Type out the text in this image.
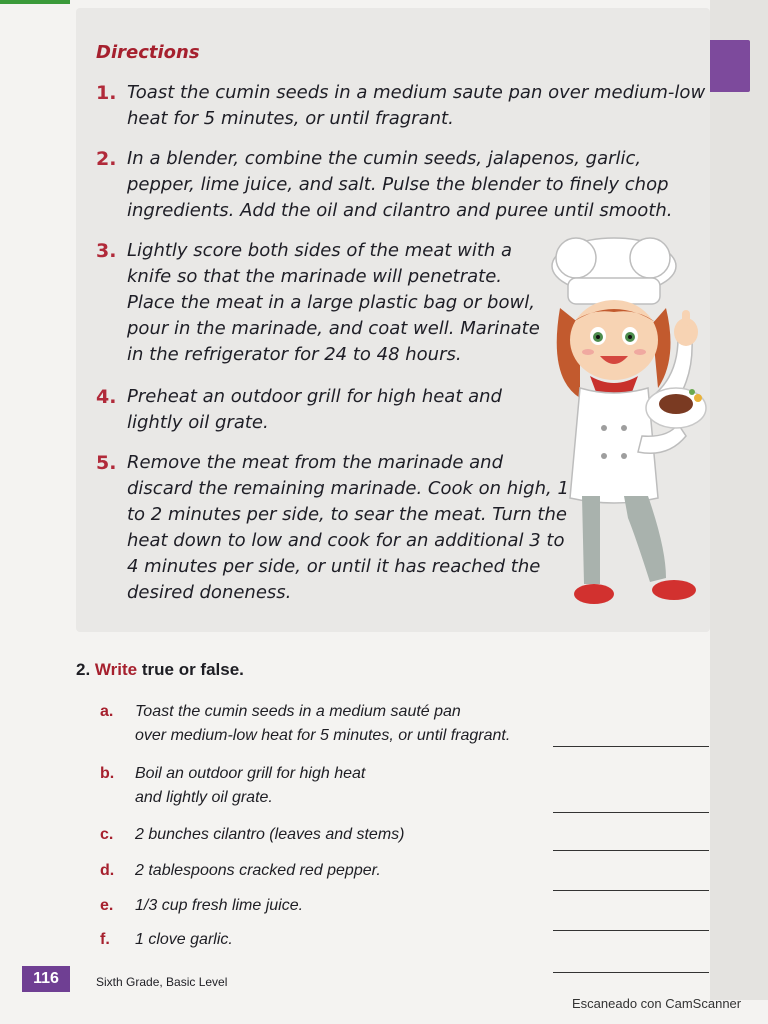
Directions
1. Toast the cumin seeds in a medium saute pan over medium-low
heat for 5 minutes, or until fragrant.
2. In a blender, combine the cumin seeds, jalapenos, garlic,
pepper, lime juice, and salt. Pulse the blender to finely chop
ingredients. Add the oil and cilantro and puree until smooth.
3. Lightly score both sides of the meat with a
knife so that the marinade will penetrate.
Place the meat in a large plastic bag or bowl,
pour in the marinade, and coat well. Marinate
in the refrigerator for 24 to 48 hours.
4. Preheat an outdoor grill for high heat and
lightly oil grate.
5. Remove the meat from the marinade and
discard the remaining marinade. Cook on high, 1
to 2 minutes per side, to sear the meat. Turn the
heat down to low and cook for an additional 3 to
4 minutes per side, or until it has reached the
desired doneness.
2. Write true or false.
a. Toast the cumin seeds in a medium sauté pan
over medium-low heat for 5 minutes, or until fragrant.
b. Boil an outdoor grill for high heat
and lightly oil grate.
c. 2 bunches cilantro (leaves and stems)
d. 2 tablespoons cracked red pepper.
e. 1/3 cup fresh lime juice.
f. 1 clove garlic.
116	Sixth Grade, Basic Level
Escaneado con CamScanner
